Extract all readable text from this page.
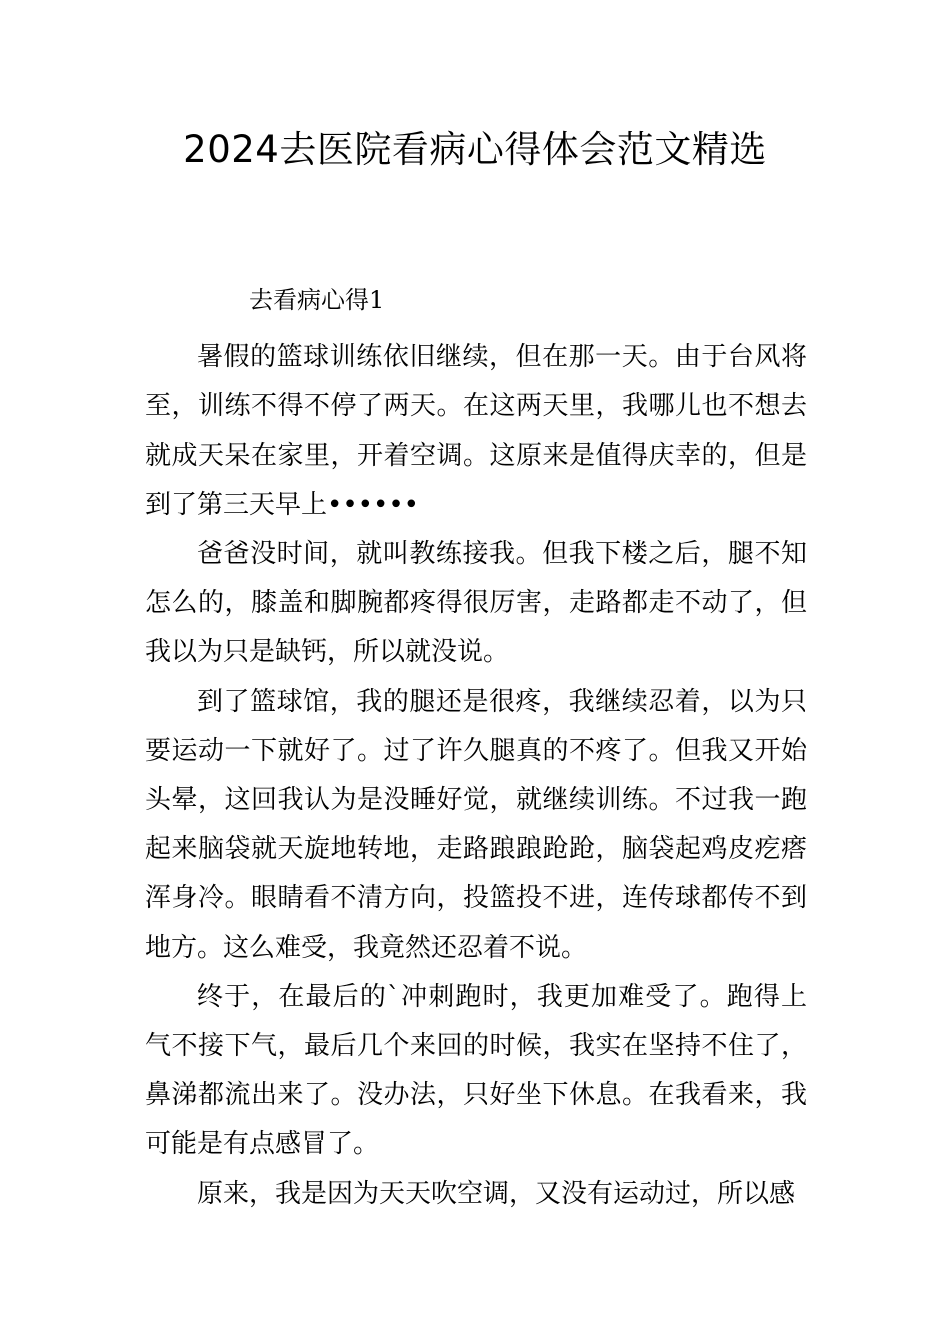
2024去医院看病心得体会范文精选

去看病心得1

暑假的篮球训练依旧继续，但在那一天。由于台风将至，训练不得不停了两天。在这两天里，我哪儿也不想去就成天呆在家里，开着空调。这原来是值得庆幸的，但是到了第三天早上••••••

爸爸没时间，就叫教练接我。但我下楼之后，腿不知怎么的，膝盖和脚腕都疼得很厉害，走路都走不动了，但我以为只是缺钙，所以就没说。

到了篮球馆，我的腿还是很疼，我继续忍着，以为只要运动一下就好了。过了许久腿真的不疼了。但我又开始头晕，这回我认为是没睡好觉，就继续训练。不过我一跑起来脑袋就天旋地转地，走路踉踉跄跄，脑袋起鸡皮疙瘩浑身冷。眼睛看不清方向，投篮投不进，连传球都传不到地方。这么难受，我竟然还忍着不说。

终于，在最后的`冲刺跑时，我更加难受了。跑得上气不接下气，最后几个来回的时候，我实在坚持不住了，鼻涕都流出来了。没办法，只好坐下休息。在我看来，我可能是有点感冒了。

原来，我是因为天天吹空调，又没有运动过，所以感
